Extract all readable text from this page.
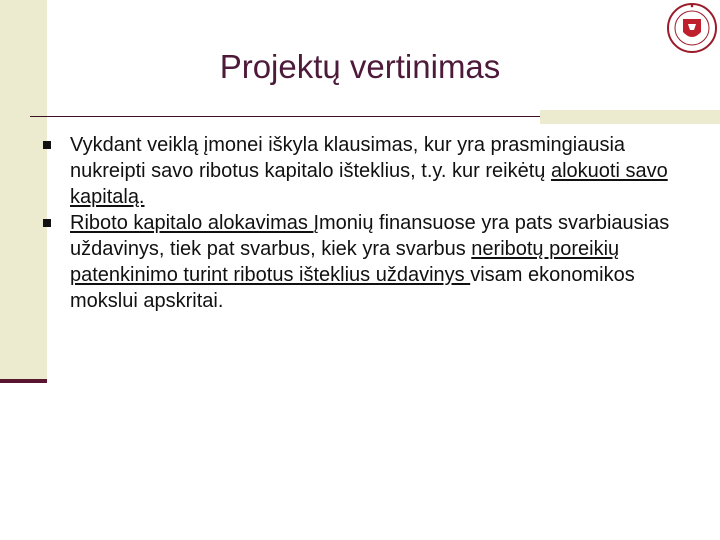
Projektų vertinimas

Vykdant veiklą įmonei iškyla klausimas, kur yra prasmingiausia nukreipti savo ribotus kapitalo išteklius, t.y. kur reikėtų alokuoti savo kapitalą.

Riboto kapitalo alokavimas Įmonių finansuose yra pats svarbiausias uždavinys, tiek pat svarbus, kiek yra svarbus neribotų poreikių patenkinimo turint ribotus išteklius uždavinys visam ekonomikos mokslui apskritai.
